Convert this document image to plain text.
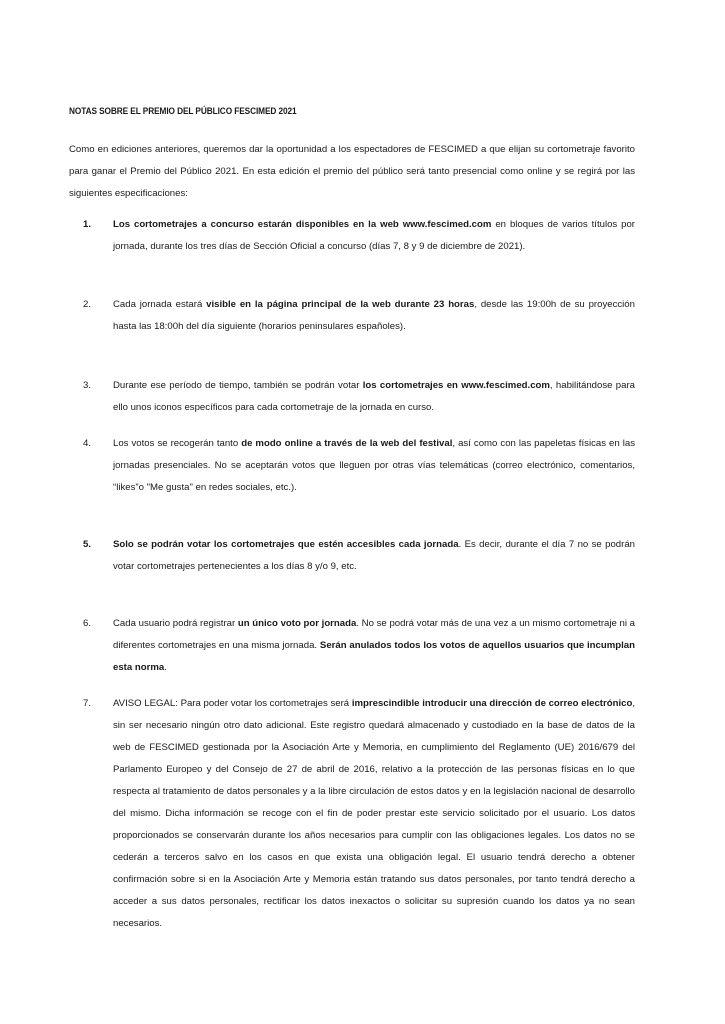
NOTAS SOBRE EL PREMIO DEL PÚBLICO FESCIMED 2021
Como en ediciones anteriores, queremos dar la oportunidad a los espectadores de FESCIMED a que elijan su cortometraje favorito para ganar el Premio del Público 2021. En esta edición el premio del público será tanto presencial como online y se regirá por las siguientes especificaciones:
1. Los cortometrajes a concurso estarán disponibles en la web www.fescimed.com en bloques de varios títulos por jornada, durante los tres días de Sección Oficial a concurso (días 7, 8 y 9 de diciembre de 2021).
2. Cada jornada estará visible en la página principal de la web durante 23 horas, desde las 19:00h de su proyección hasta las 18:00h del día siguiente (horarios peninsulares españoles).
3. Durante ese período de tiempo, también se podrán votar los cortometrajes en www.fescimed.com, habilitándose para ello unos iconos específicos para cada cortometraje de la jornada en curso.
4. Los votos se recogerán tanto de modo online a través de la web del festival, así como con las papeletas físicas en las jornadas presenciales. No se aceptarán votos que lleguen por otras vías telemáticas (correo electrónico, comentarios, “likes”o "Me gusta" en redes sociales, etc.).
5. Solo se podrán votar los cortometrajes que estén accesibles cada jornada. Es decir, durante el día 7 no se podrán votar cortometrajes pertenecientes a los días 8 y/o 9, etc.
6. Cada usuario podrá registrar un único voto por jornada. No se podrá votar más de una vez a un mismo cortometraje ni a diferentes cortometrajes en una misma jornada. Serán anulados todos los votos de aquellos usuarios que incumplan esta norma.
7. AVISO LEGAL: Para poder votar los cortometrajes será imprescindible introducir una dirección de correo electrónico, sin ser necesario ningún otro dato adicional. Este registro quedará almacenado y custodiado en la base de datos de la web de FESCIMED gestionada por la Asociación Arte y Memoria, en cumplimiento del Reglamento (UE) 2016/679 del Parlamento Europeo y del Consejo de 27 de abril de 2016, relativo a la protección de las personas físicas en lo que respecta al tratamiento de datos personales y a la libre circulación de estos datos y en la legislación nacional de desarrollo del mismo. Dicha información se recoge con el fin de poder prestar este servicio solicitado por el usuario. Los datos proporcionados se conservarán durante los años necesarios para cumplir con las obligaciones legales. Los datos no se cederán a terceros salvo en los casos en que exista una obligación legal. El usuario tendrá derecho a obtener confirmación sobre si en la Asociación Arte y Memoria están tratando sus datos personales, por tanto tendrá derecho a acceder a sus datos personales, rectificar los datos inexactos o solicitar su supresión cuando los datos ya no sean necesarios.
